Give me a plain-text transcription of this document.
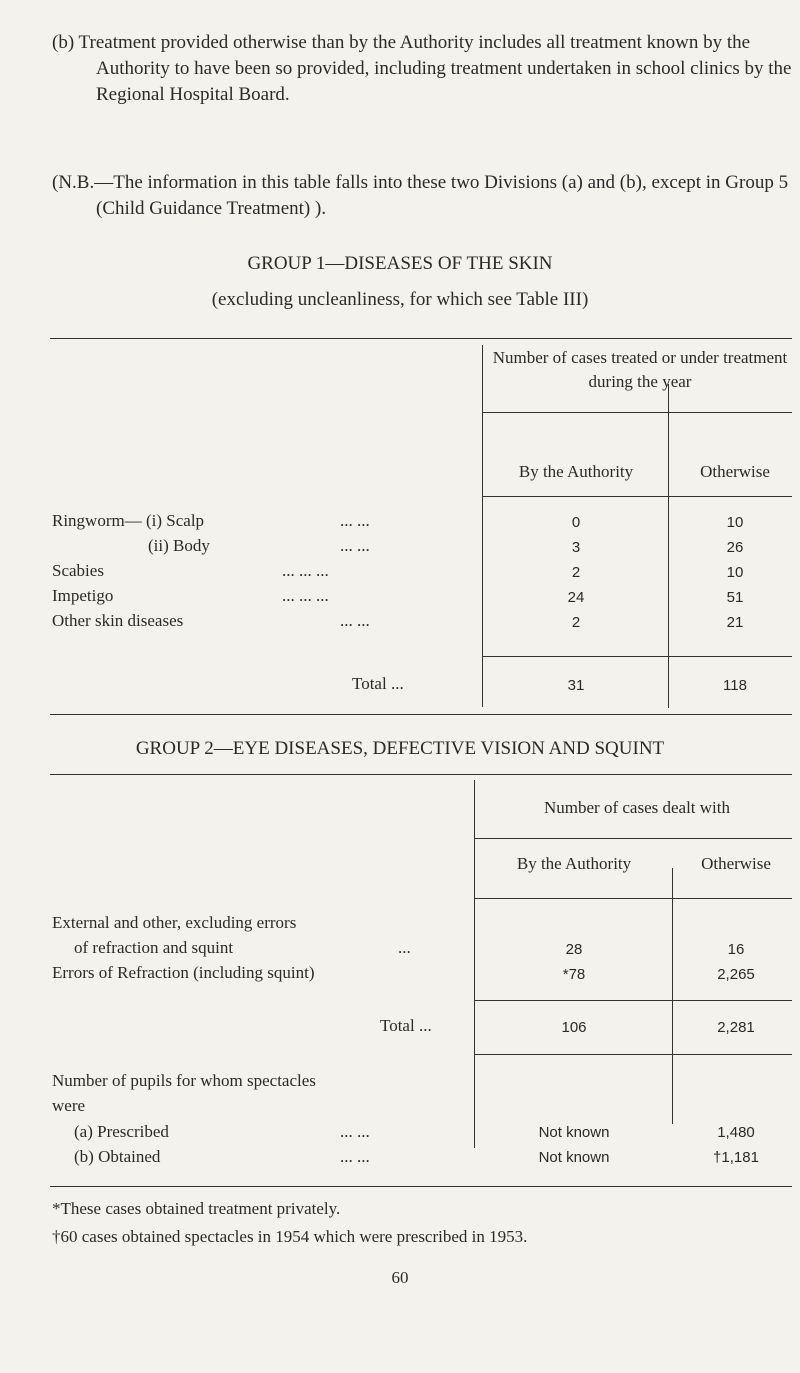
(b) Treatment provided otherwise than by the Authority includes all treatment known by the Authority to have been so provided, including treatment undertaken in school clinics by the Regional Hospital Board.
(N.B.—The information in this table falls into these two Divisions (a) and (b), except in Group 5 (Child Guidance Treatment) ).
GROUP 1—DISEASES OF THE SKIN
(excluding uncleanliness, for which see Table III)
Number of cases treated or under treatment during the year
By the Authority	Otherwise
Ringworm— (i) Scalp	... ...	0	10
(ii) Body	... ...	3	26
Scabies	... ... ...	2	10
Impetigo	... ... ...	24	51
Other skin diseases	... ...	2	21
Total ...	31	118
GROUP 2—EYE DISEASES, DEFECTIVE VISION AND SQUINT
Number of cases dealt with
By the Authority	Otherwise
External and other, excluding errors
of refraction and squint	...	28	16
Errors of Refraction (including squint)	*78	2,265
Total ...	106	2,281
Number of pupils for whom spectacles
were
(a) Prescribed	... ...	Not known	1,480
(b) Obtained	... ...	Not known	†1,181
*These cases obtained treatment privately.
†60 cases obtained spectacles in 1954 which were prescribed in 1953.
60
